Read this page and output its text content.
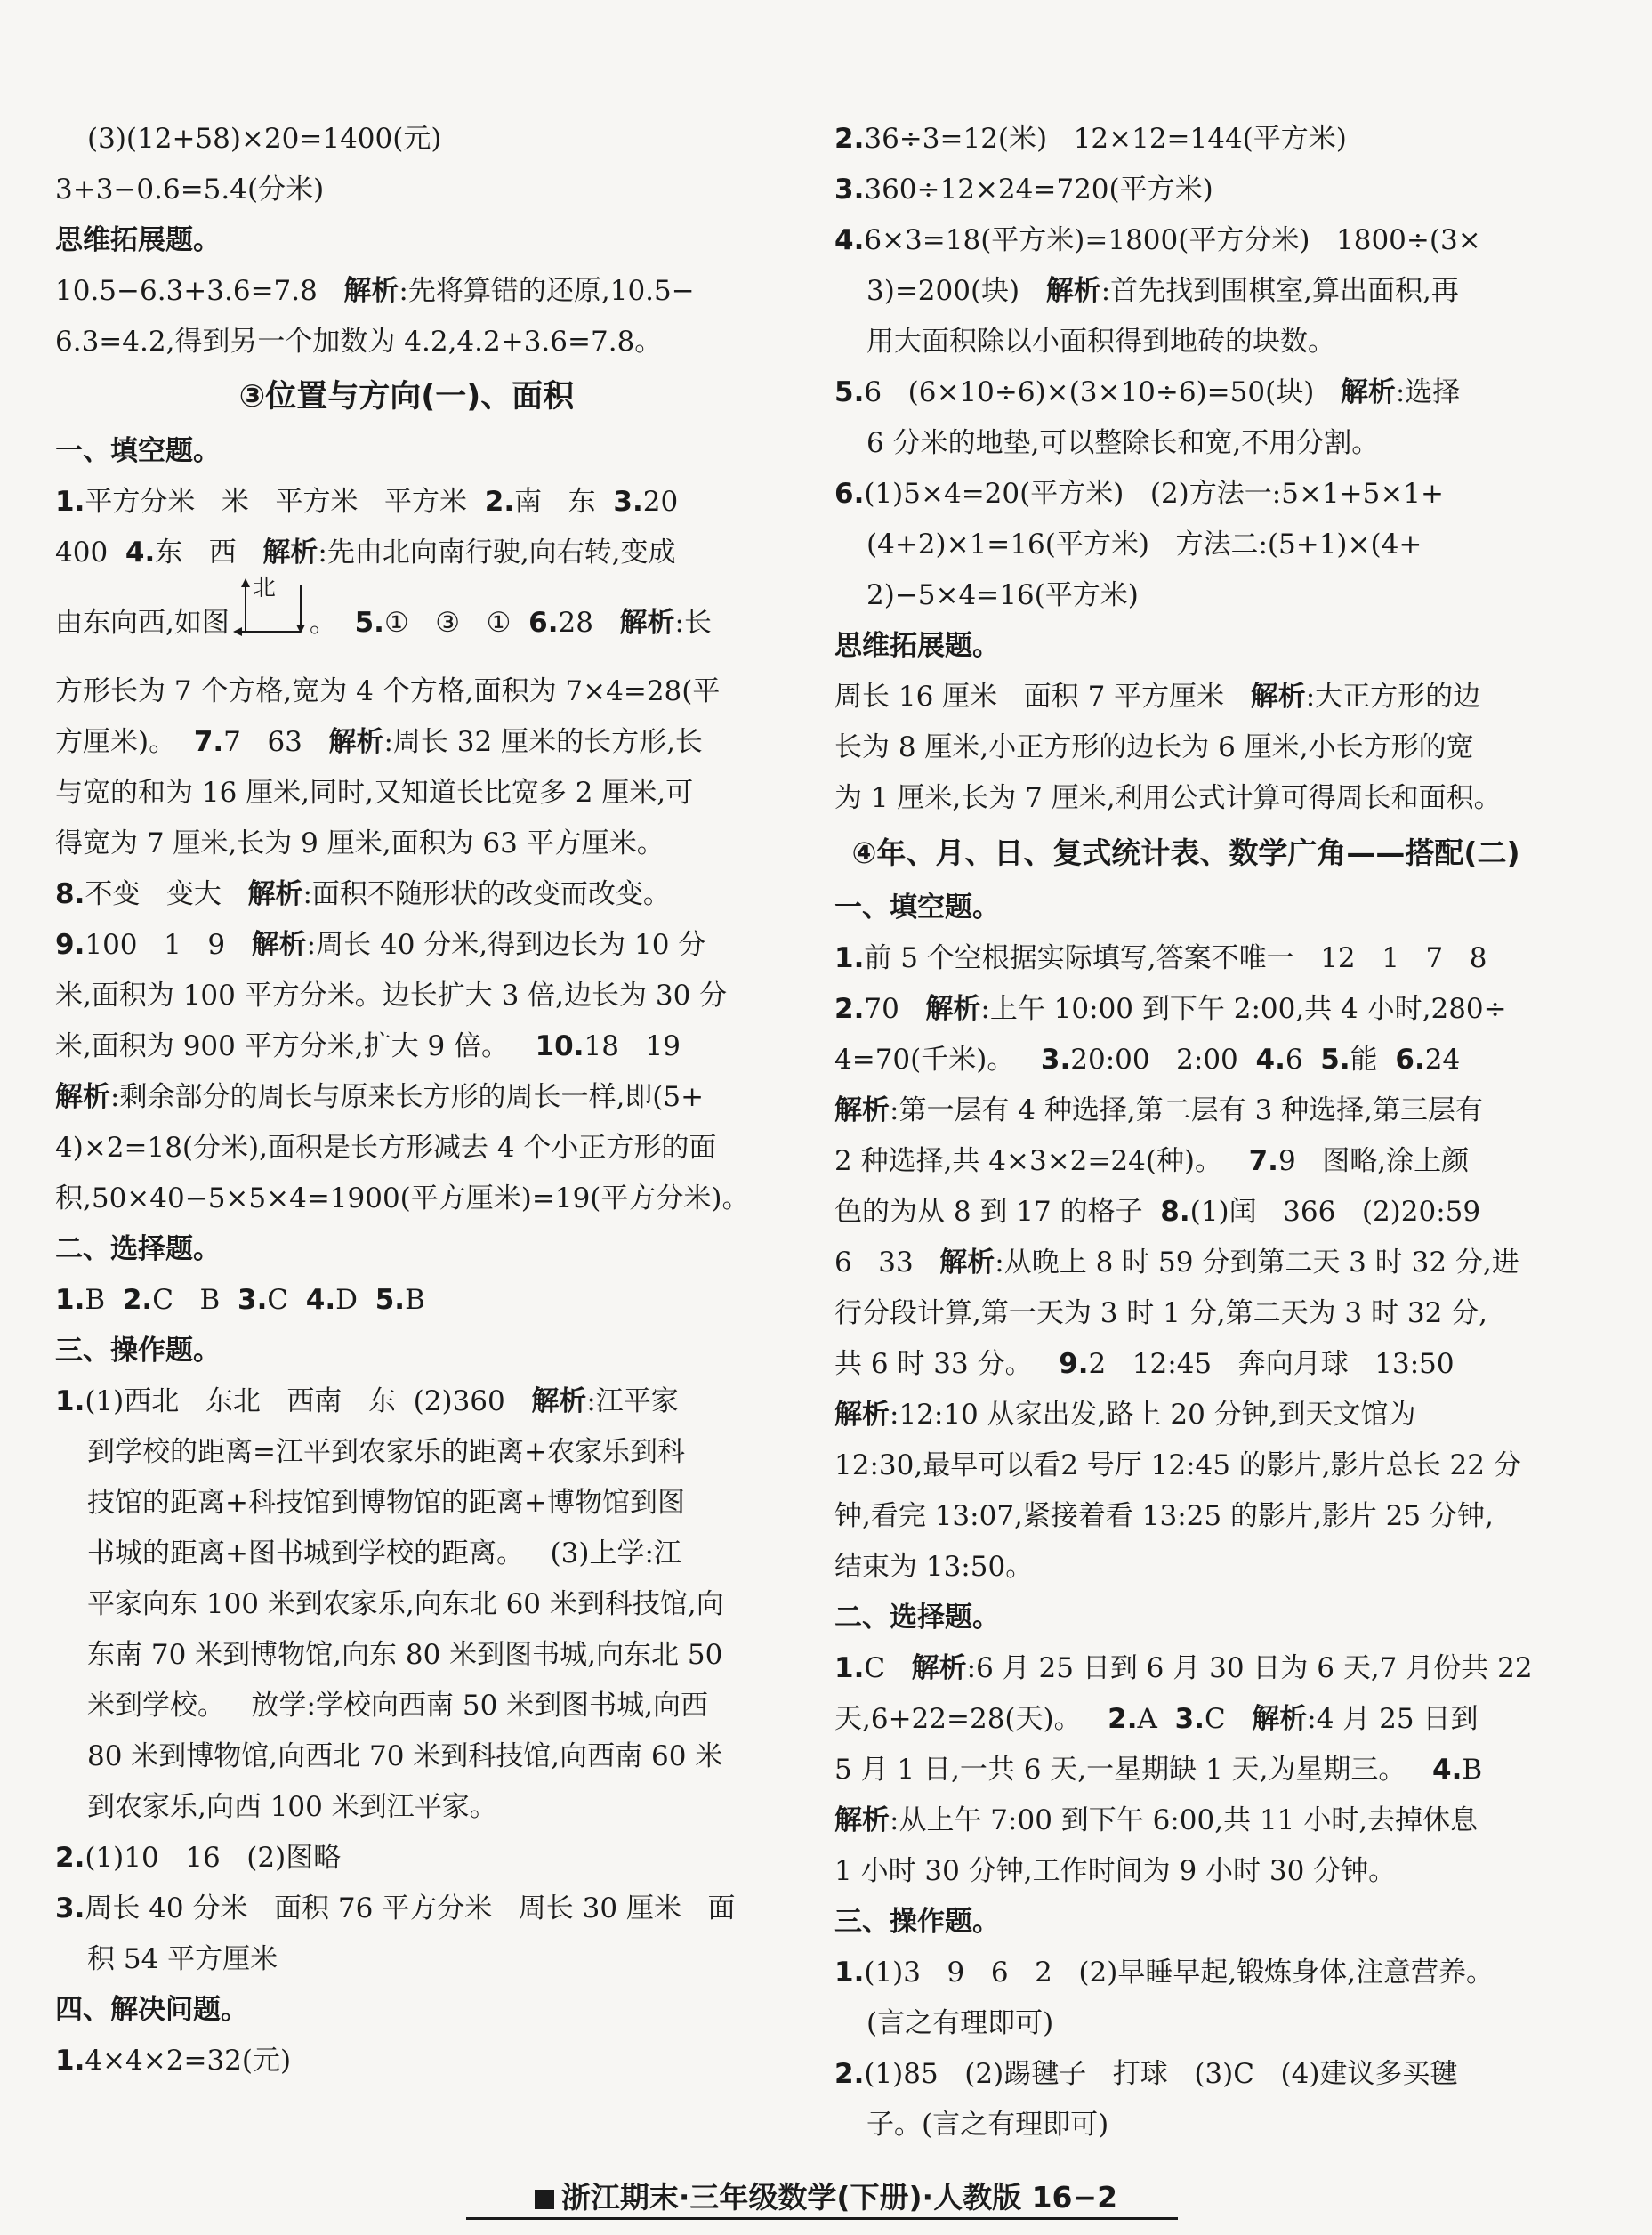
(3)(12+58)×20=1400(元)

3+3−0.6=5.4(分米)

思维拓展题。

10.5−6.3+3.6=7.8   解析:先将算错的还原,10.5−

6.3=4.2,得到另一个加数为 4.2,4.2+3.6=7.8。

③位置与方向(一)、面积

一、填空题。

1.平方分米   米   平方米   平方米  2.南   东  3.20

400  4.东   西   解析:先由北向南行驶,向右转,变成

由东向西,如图
北
。  5.①   ③   ①  6.28   解析:长

方形长为 7 个方格,宽为 4 个方格,面积为 7×4=28(平

方厘米)。  7.7   63   解析:周长 32 厘米的长方形,长

与宽的和为 16 厘米,同时,又知道长比宽多 2 厘米,可

得宽为 7 厘米,长为 9 厘米,面积为 63 平方厘米。

8.不变   变大   解析:面积不随形状的改变而改变。

9.100   1   9   解析:周长 40 分米,得到边长为 10 分

米,面积为 100 平方分米。边长扩大 3 倍,边长为 30 分

米,面积为 900 平方分米,扩大 9 倍。   10.18   19

解析:剩余部分的周长与原来长方形的周长一样,即(5+

4)×2=18(分米),面积是长方形减去 4 个小正方形的面

积,50×40−5×5×4=1900(平方厘米)=19(平方分米)。

二、选择题。

1.B  2.C   B  3.C  4.D  5.B

三、操作题。

1.(1)西北   东北   西南   东  (2)360   解析:江平家

到学校的距离=江平到农家乐的距离+农家乐到科

技馆的距离+科技馆到博物馆的距离+博物馆到图

书城的距离+图书城到学校的距离。   (3)上学:江

平家向东 100 米到农家乐,向东北 60 米到科技馆,向

东南 70 米到博物馆,向东 80 米到图书城,向东北 50

米到学校。   放学:学校向西南 50 米到图书城,向西

80 米到博物馆,向西北 70 米到科技馆,向西南 60 米

到农家乐,向西 100 米到江平家。

2.(1)10   16   (2)图略

3.周长 40 分米   面积 76 平方分米   周长 30 厘米   面

积 54 平方厘米

四、解决问题。

1.4×4×2=32(元)

2.36÷3=12(米)   12×12=144(平方米)

3.360÷12×24=720(平方米)

4.6×3=18(平方米)=1800(平方分米)   1800÷(3×

3)=200(块)   解析:首先找到围棋室,算出面积,再

用大面积除以小面积得到地砖的块数。

5.6   (6×10÷6)×(3×10÷6)=50(块)   解析:选择

6 分米的地垫,可以整除长和宽,不用分割。

6.(1)5×4=20(平方米)   (2)方法一:5×1+5×1+

(4+2)×1=16(平方米)   方法二:(5+1)×(4+

2)−5×4=16(平方米)

思维拓展题。

周长 16 厘米   面积 7 平方厘米   解析:大正方形的边

长为 8 厘米,小正方形的边长为 6 厘米,小长方形的宽

为 1 厘米,长为 7 厘米,利用公式计算可得周长和面积。

④年、月、日、复式统计表、数学广角——搭配(二)

一、填空题。

1.前 5 个空根据实际填写,答案不唯一   12   1   7   8

2.70   解析:上午 10:00 到下午 2:00,共 4 小时,280÷

4=70(千米)。   3.20:00   2:00  4.6  5.能  6.24

解析:第一层有 4 种选择,第二层有 3 种选择,第三层有

2 种选择,共 4×3×2=24(种)。   7.9   图略,涂上颜

色的为从 8 到 17 的格子  8.(1)闰   366   (2)20:59

6   33   解析:从晚上 8 时 59 分到第二天 3 时 32 分,进

行分段计算,第一天为 3 时 1 分,第二天为 3 时 32 分,

共 6 时 33 分。   9.2   12:45   奔向月球   13:50

解析:12:10 从家出发,路上 20 分钟,到天文馆为

12:30,最早可以看2 号厅 12:45 的影片,影片总长 22 分

钟,看完 13:07,紧接着看 13:25 的影片,影片 25 分钟,

结束为 13:50。

二、选择题。

1.C   解析:6 月 25 日到 6 月 30 日为 6 天,7 月份共 22

天,6+22=28(天)。   2.A  3.C   解析:4 月 25 日到

5 月 1 日,一共 6 天,一星期缺 1 天,为星期三。   4.B

解析:从上午 7:00 到下午 6:00,共 11 小时,去掉休息

1 小时 30 分钟,工作时间为 9 小时 30 分钟。

三、操作题。

1.(1)3   9   6   2   (2)早睡早起,锻炼身体,注意营养。

(言之有理即可)

2.(1)85   (2)踢毽子   打球   (3)C   (4)建议多买毽

子。(言之有理即可)

浙江期末·三年级数学(下册)·人教版 16−2
